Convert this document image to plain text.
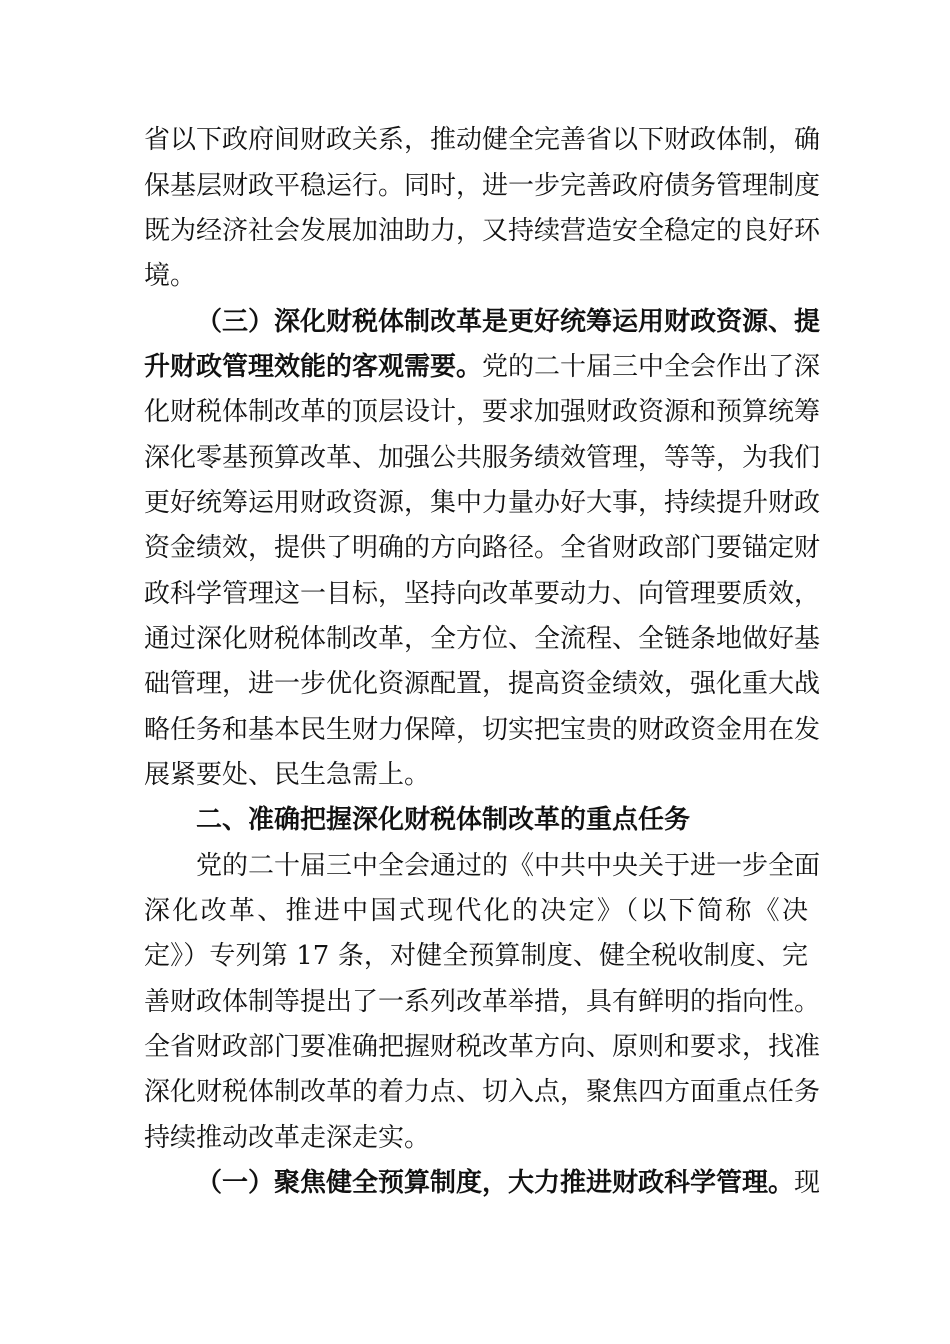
省以下政府间财政关系，推动健全完善省以下财政体制，确
保基层财政平稳运行。同时，进一步完善政府债务管理制度
既为经济社会发展加油助力，又持续营造安全稳定的良好环
境。
（三）深化财税体制改革是更好统筹运用财政资源、提
升财政管理效能的客观需要。党的二十届三中全会作出了深
化财税体制改革的顶层设计，要求加强财政资源和预算统筹
深化零基预算改革、加强公共服务绩效管理，等等，为我们
更好统筹运用财政资源，集中力量办好大事，持续提升财政
资金绩效，提供了明确的方向路径。全省财政部门要锚定财
政科学管理这一目标，坚持向改革要动力、向管理要质效，
通过深化财税体制改革，全方位、全流程、全链条地做好基
础管理，进一步优化资源配置，提高资金绩效，强化重大战
略任务和基本民生财力保障，切实把宝贵的财政资金用在发
展紧要处、民生急需上。
二、准确把握深化财税体制改革的重点任务
党的二十届三中全会通过的《中共中央关于进一步全面
深化改革、推进中国式现代化的决定》（以下简称《决
定》）专列第 17 条，对健全预算制度、健全税收制度、完
善财政体制等提出了一系列改革举措，具有鲜明的指向性。
全省财政部门要准确把握财税改革方向、原则和要求，找准
深化财税体制改革的着力点、切入点，聚焦四方面重点任务
持续推动改革走深走实。
（一）聚焦健全预算制度，大力推进财政科学管理。现
